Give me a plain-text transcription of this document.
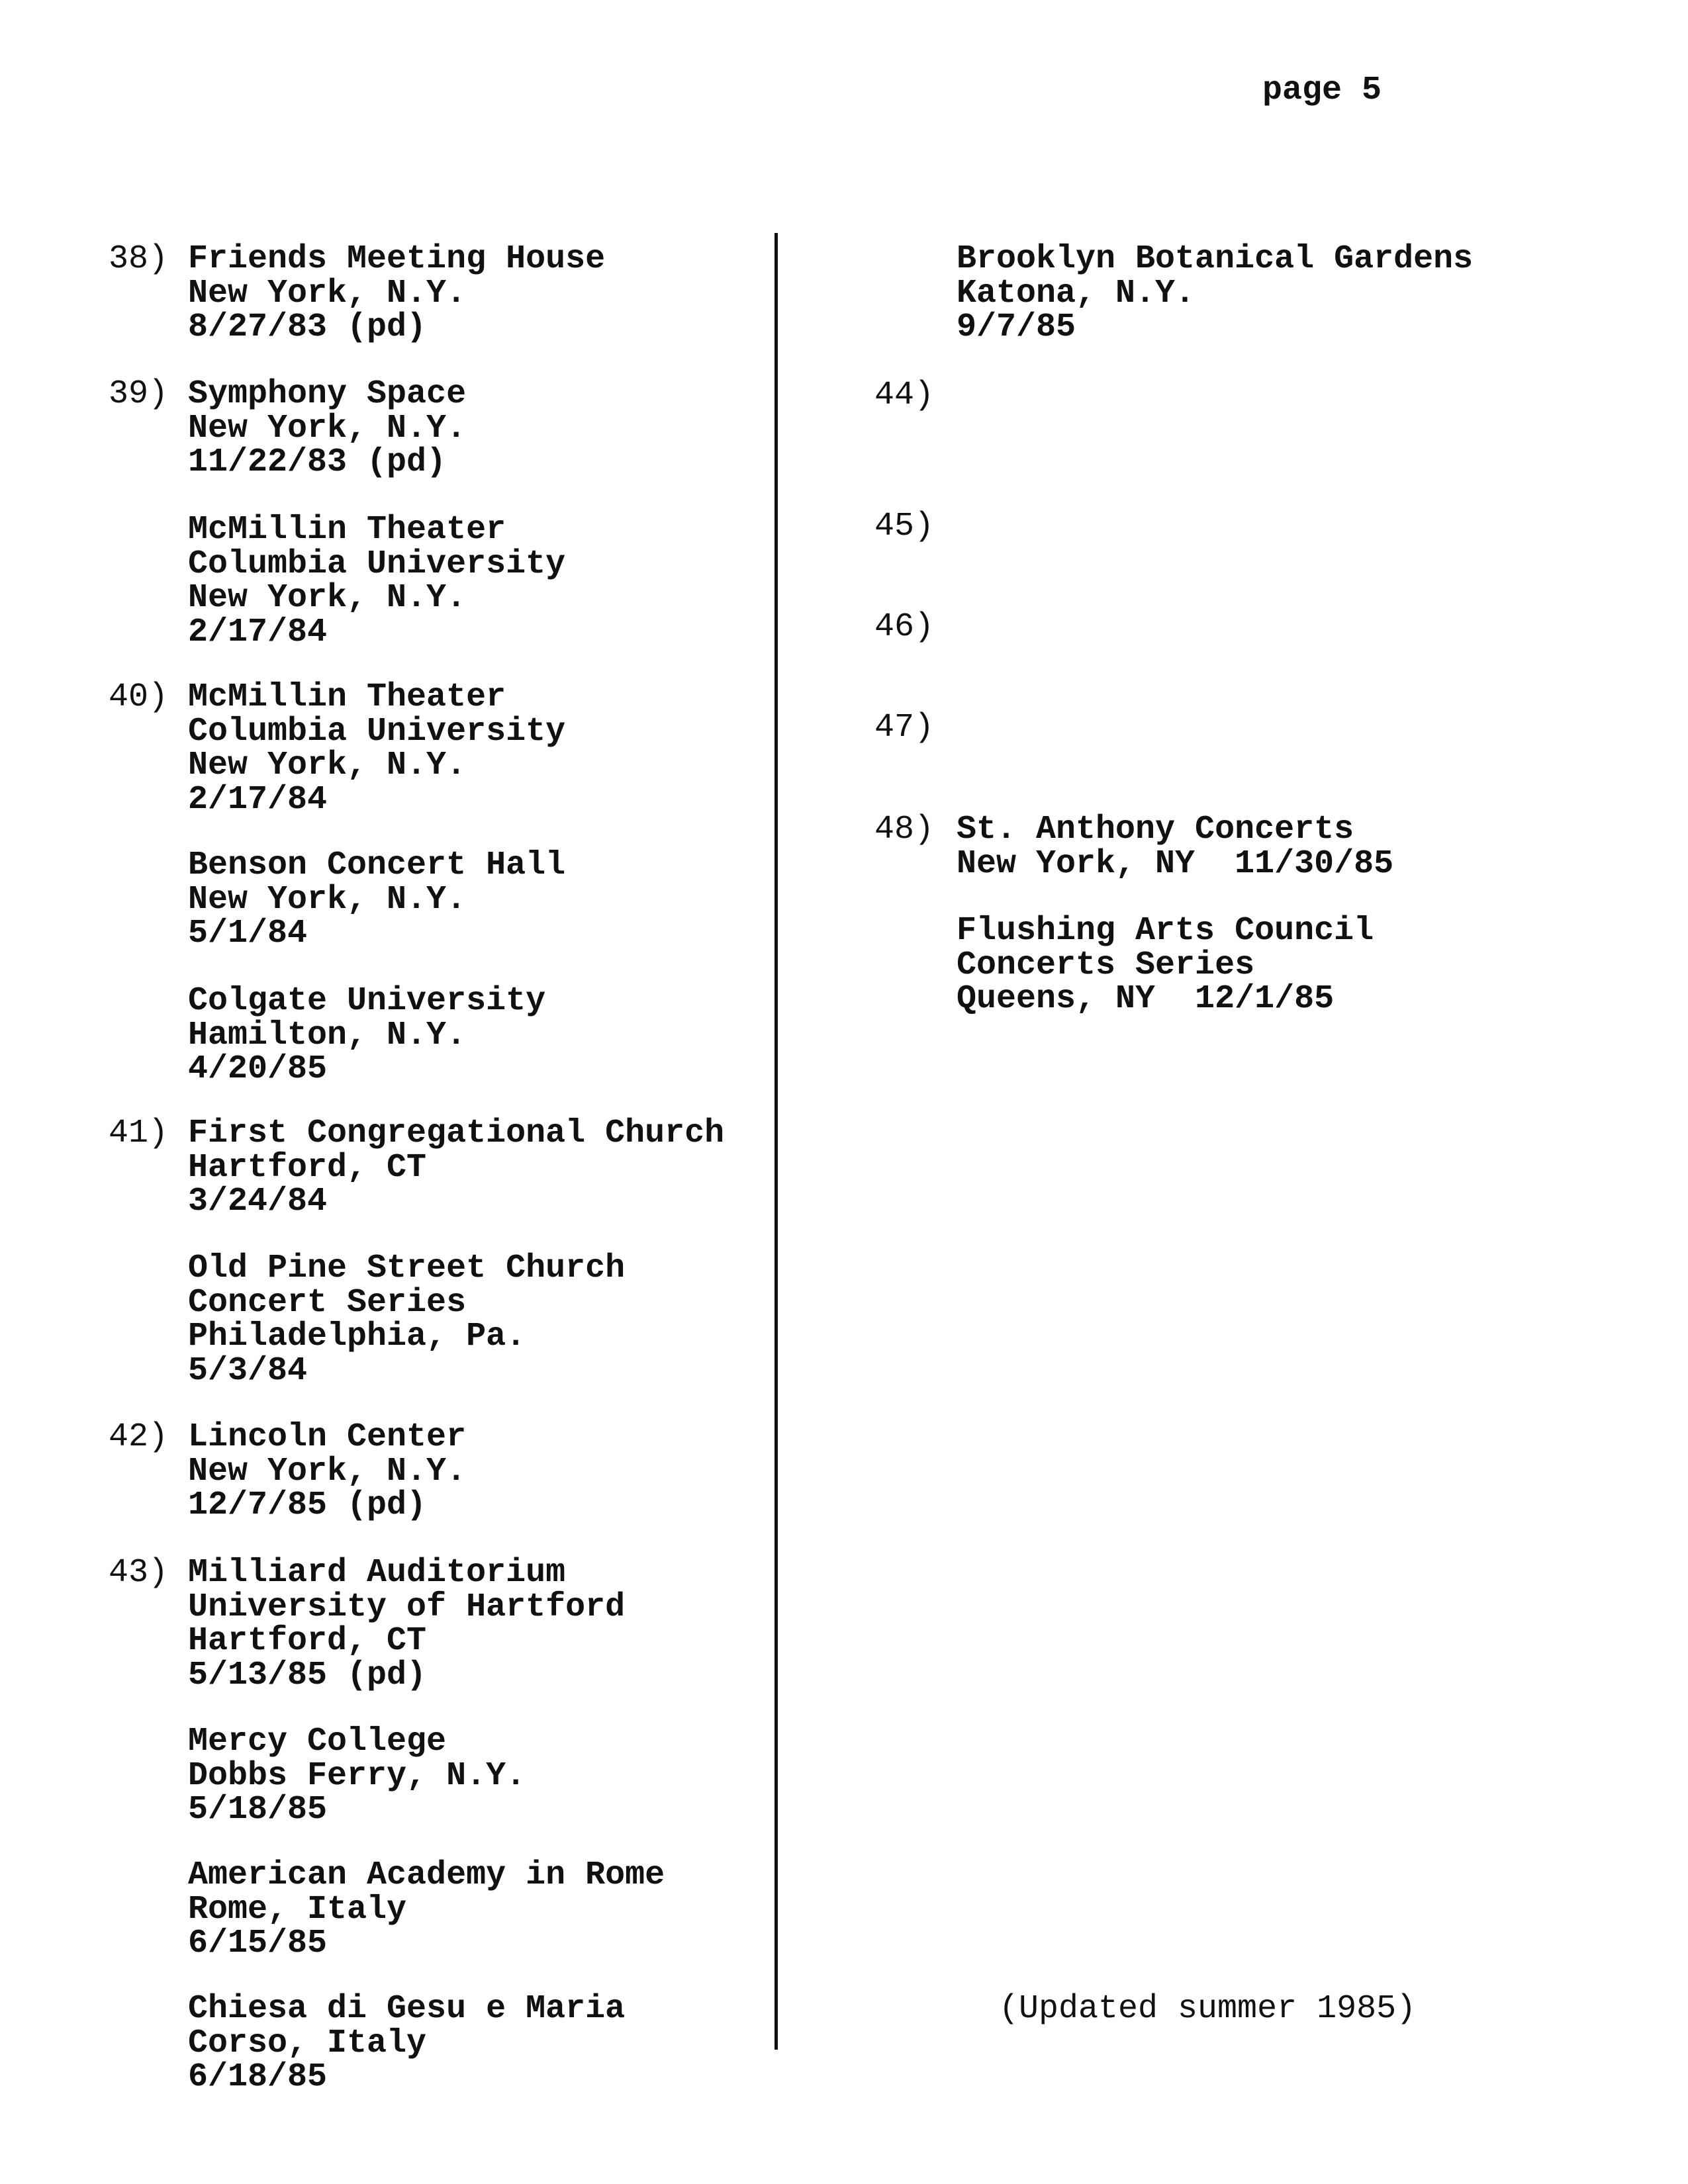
page 5
38) Friends Meeting House
New York, N.Y.
8/27/83 (pd)
39) Symphony Space
New York, N.Y.
11/22/83 (pd)
McMillin Theater
Columbia University
New York, N.Y.
2/17/84
40) McMillin Theater
Columbia University
New York, N.Y.
2/17/84
Benson Concert Hall
New York, N.Y.
5/1/84
Colgate University
Hamilton, N.Y.
4/20/85
41) First Congregational Church
Hartford, CT
3/24/84
Old Pine Street Church
Concert Series
Philadelphia, Pa.
5/3/84
42) Lincoln Center
New York, N.Y.
12/7/85 (pd)
43) Milliard Auditorium
University of Hartford
Hartford, CT
5/13/85 (pd)
Mercy College
Dobbs Ferry, N.Y.
5/18/85
American Academy in Rome
Rome, Italy
6/15/85
Chiesa di Gesu e Maria
Corso, Italy
6/18/85
Brooklyn Botanical Gardens
Katona, N.Y.
9/7/85
44)
45)
46)
47)
48) St. Anthony Concerts
New York, NY  11/30/85
Flushing Arts Council
Concerts Series
Queens, NY  12/1/85
(Updated summer 1985)
